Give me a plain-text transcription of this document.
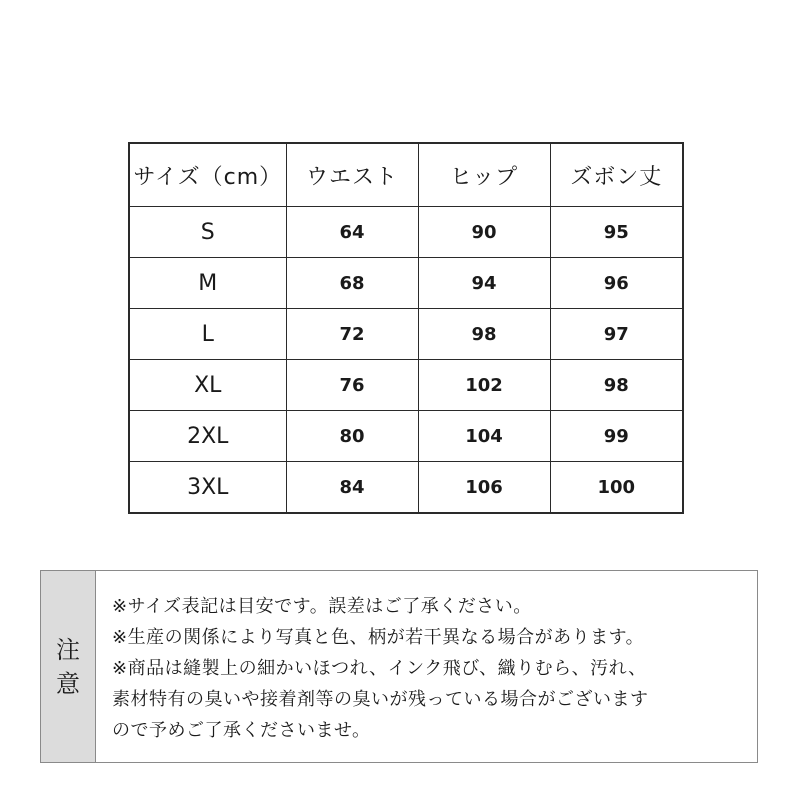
サイズ（cm）	ウエスト	ヒップ	ズボン丈
S	64	90	95
M	68	94	96
L	72	98	97
XL	76	102	98
2XL	80	104	99
3XL	84	106	100
注
意
※サイズ表記は目安です。誤差はご了承ください。
※生産の関係により写真と色、柄が若干異なる場合があります。
※商品は縫製上の細かいほつれ、インク飛び、織りむら、汚れ、
素材特有の臭いや接着剤等の臭いが残っている場合がございます
ので予めご了承くださいませ。
